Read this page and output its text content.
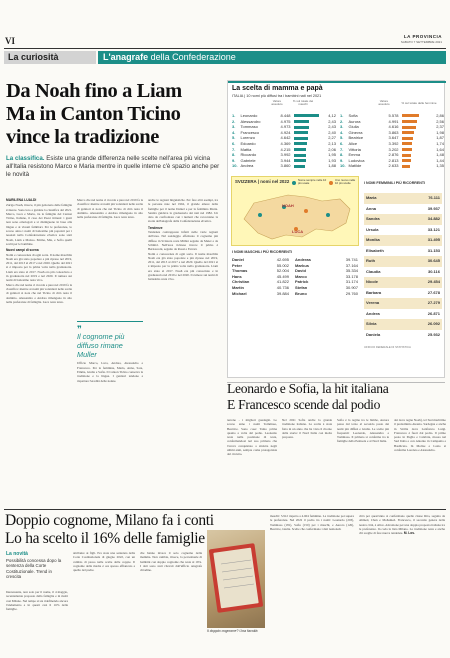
VI	LA PROVINCIA
SABATO 7 SETTEMBRE 2021
La curiosità	L'anagrafe della Confederazione
Da Noah fino a Liam
Ma in Canton Ticino
vince la tradizione
La classifica. Esiste una grande differenza nelle scelte nell'area più vicina all'Italia resistono Marco e Maria mentre in quelle interne c'è spazio anche per le novità
MARILENA LUALDI
Zurigo Noah, invece, il più gettonato dalle famiglie svizzere. Sono loro a guidare la classifica del 2021. Marco, Luca e Maria, tra le famiglie del Canton Ticino, Italiano, il caso dei Paesi ticinesi: i gusti non sono omologati e si distinguono in base alla lingua e ai vissuti familiari. Per le preferenze, lo scorso anno i nomi di battesimo più popolari per i neonati nella Confederazione elvetica sono stati Noah, Liam e Matteo. Emma, Mia, e Sofia quelli scelti per le bambine.
Nuovi campi di scena
Nomi e conoscenze di ogni sorta. Il nome maschile Noah era già stato popolare e più ripreso nel 2019, 2011, dal 2013 al 2017 e nel 2020. Quello del 2021 si è imposto per la prima volta nella graduatoria. Liam era stato al 2017. Noah era più conosciuto e in graduatoria nel 2019 e nel 2020. Il rumore sui nomi di battesimo resta vivo.
Marco che nel nome ci ricorda e pure nel 2019 fa la classifica: mentre ai nomi più volentieri nelle scelte di genitori si nota che nel Ticino di città resta il dominio. Alessandro e Andrea rimangono in alto nelle preferenze di famiglia. Luca resta terzo.
Marco che nel nome ci ricorda e pure nel 2019 fa la classifica: mentre ai nomi più volentieri nelle scelte di genitori si nota che nel Ticino di città resta il dominio. Alessandro e Andrea rimangono in alto nelle preferenze di famiglia. Luca resta terzo.
❞
Il cognome più diffuso rimane Muller
Ufficio Marco, Luca, Andrea, Alessandro e Francesco. Per le femmine, Maria, Anna, Sara, Emma, Giulia e Sofia. Il Canton Ticino conserva la tradizione e la lingua. I genitori tendono a rispettare l'eredità delle nonne.
anche le regioni linguistiche. Per fare altri esempi, tra le persone nate nel 1962, il grande amore delle famiglie per il nome Daniel e per la femmina Maria. Sandra guidava la graduatoria dei nati nel 1982. Un dato da confrontare con i numeri che raccontano la storia dell'anagrafe della Confederazione elvetica.
Tendenze
Tendenze contrapposte infatti nelle varie regioni dell'area. Nel sondaggio effettuato il cognome più diffuso in Svizzera resta Müller seguito da Meier e da Schmid. Nell'area ticinese invece il primo è Bernasconi, seguito da Rossi e Ferrari.
Nomi e conoscenze di ogni sorta. Il nome maschile Noah era già stato popolare e più ripreso nel 2019, 2011, dal 2013 al 2017 e nel 2020. Quello del 2021 si è imposto per la prima volta nella graduatoria. Liam era stato al 2017. Noah era più conosciuto e in graduatoria nel 2019 e nel 2020. Il rumore sui nomi di battesimo resta vivo.
La scelta di mamma e papà
ITALIA | 10 nomi più diffusi tra i bambini nati nel 2021
Valore assoluto
% sul totale dei maschi
Valore assoluto	% sul totale delle femmine
1.	Leonardo	8.448		4,12
2.	Alessandro	4.975		2,43
3.	Tommaso	4.973		2,43
4.	Francesco	4.924		2,40
5.	Lorenzo	4.642		2,27
6.	Edoardo	4.369		2,13
7.	Mattia	4.215		2,06
8.	Riccardo	3.992		1,95
9.	Gabriele	3.944		1,93
10.	Andrea	3.860		1,88
1.	Sofia	5.578		2,86
2.	Aurora	4.991		2,56
3.	Giulia	4.616		2,37
4.	Ginevra	3.863		1,98
5.	Beatrice	3.647		1,87
6.	Alice	3.392		1,74
7.	Vittoria	3.202		1,64
8.	Emma	2.876		1,48
9.	Ludovica	2.813		1,44
10.	Matilde	2.633		1,35
SVIZZERA | nomi nel 2022	Nome sempre nelle 10 più usate
Uno nuovo nelle 10 più scelte
NOAH
LUCA
I NOMI MASCHILI PIÙ RICORRENTI
Daniel	42.695	Andreas	39.741
Peter	55.002	Markus	37.164
Thomas	52.004	David	35.334
Hans	45.499	Marco	33.178
Christian	41.822	Patrick	31.174
Martin	40.736	Stefan	30.907
Michael	39.884	Bruno	29.760
I NOMI FEMMINILI PIÙ RICORRENTI
Maria	76.111
Anna	39.937
Sandra	34.882
Ursula	33.121
Monika	31.495
Elisabeth	31.153
Ruth	30.645
Claudia	30.116
Nicole	29.454
Barbara	27.678
Verena	27.279
Andrea	26.871
Silvia	26.092
Daniela	25.932
UFFICIO FEDERALE DI STATISTICA
Leonardo e Sofia, la hit italiana
E Francesco scende dal podio
terreno - i migliori guadagni. Lo scorso anno i nomi Tommaso, Beatrice. Sono cose: Tanto prima quanto a volta dal podio. Leonardo resta nella posizione di testa, confermandosi nel suo primato che l'aveva conquistato a sinistra negli ultimi anni, sempre come protagonista del circuito.
Nel 2021 Sofia anche la grande tradizione italiana. La scelta è stata fatta in un anno che ha visto il ritorno della storia: il Nord Italia con molte proposte.
Sofia è la regina tra le bimbe, Aurora passa dal terzo al secondo posto dei nomi più diffusi e Giulia. Le scelte più frequenti: Leonardo, Alessandro e Tommaso. Il primato si conferma tra le famiglie della Penisola e al Nord Italia.
dei dove regna Noah), tel Sud marittimo il predominio Alessia. Sardegna e anche in Sicilia dove Lanfranco Luigi. Francesco è fuori dal podio. Il primo posto in Puglia e Calabria, mossa nel Sud Italia e con Antonio in Campania e Basilicata. In Molise e Lazio si conferma Lorenzo e Alessandro.
Doppio cognome, Milano fa i conti
Lo ha scelto il 16% delle famiglie
La novità
Possibilità concessa dopo la sentenza della Corte Costituzionale. Trend in crescita
Interessante, non solo per il nome, il 4 maggio, recentemente proposto dalla famiglia e in molti casi Milano. Nel tempo si sta ridefinendo ancora l'andamento e in questi casi il 16% delle famiglie.
attribuire ai figli. Era stata una sentenza della Corte Costituzionale di giugno 2022, con un cambio di passo nelle scelte delle coppie. Il cognome della madre è ora spesso affiancato a quello del padre.
che hanno invece il solo cognome della mamma. Non cambia, invece, la percentuale di bambini con doppio cognome che resta al 16%. I dati sono stati rilevati dall'ufficio anagrafe cittadino.
Il doppio cognome? Una facoltà
maschi: 5.912 rispetto a 4.604 femmine. La tradizione poi supera le preferenze. Nel 2022 il podio tra i nomi: Leonardo (203), Tommaso (181), Sofia (150) per i maschi, e Aurora (126), Beatrice, Giulia. Scelte che confermano i dati nazionali.
città per quest'anno si confermano quelle classe Rita, seguita da Ahmed, Chen e Mohamed. Francesco, il secondo genere della nostra città, è Alice. Attrazione per una doppia proposta italiana tra le preferenze. In coda la lista Milano. La tradizione resta e anche chi sceglie di fare nuove tendenze. M. Los.
